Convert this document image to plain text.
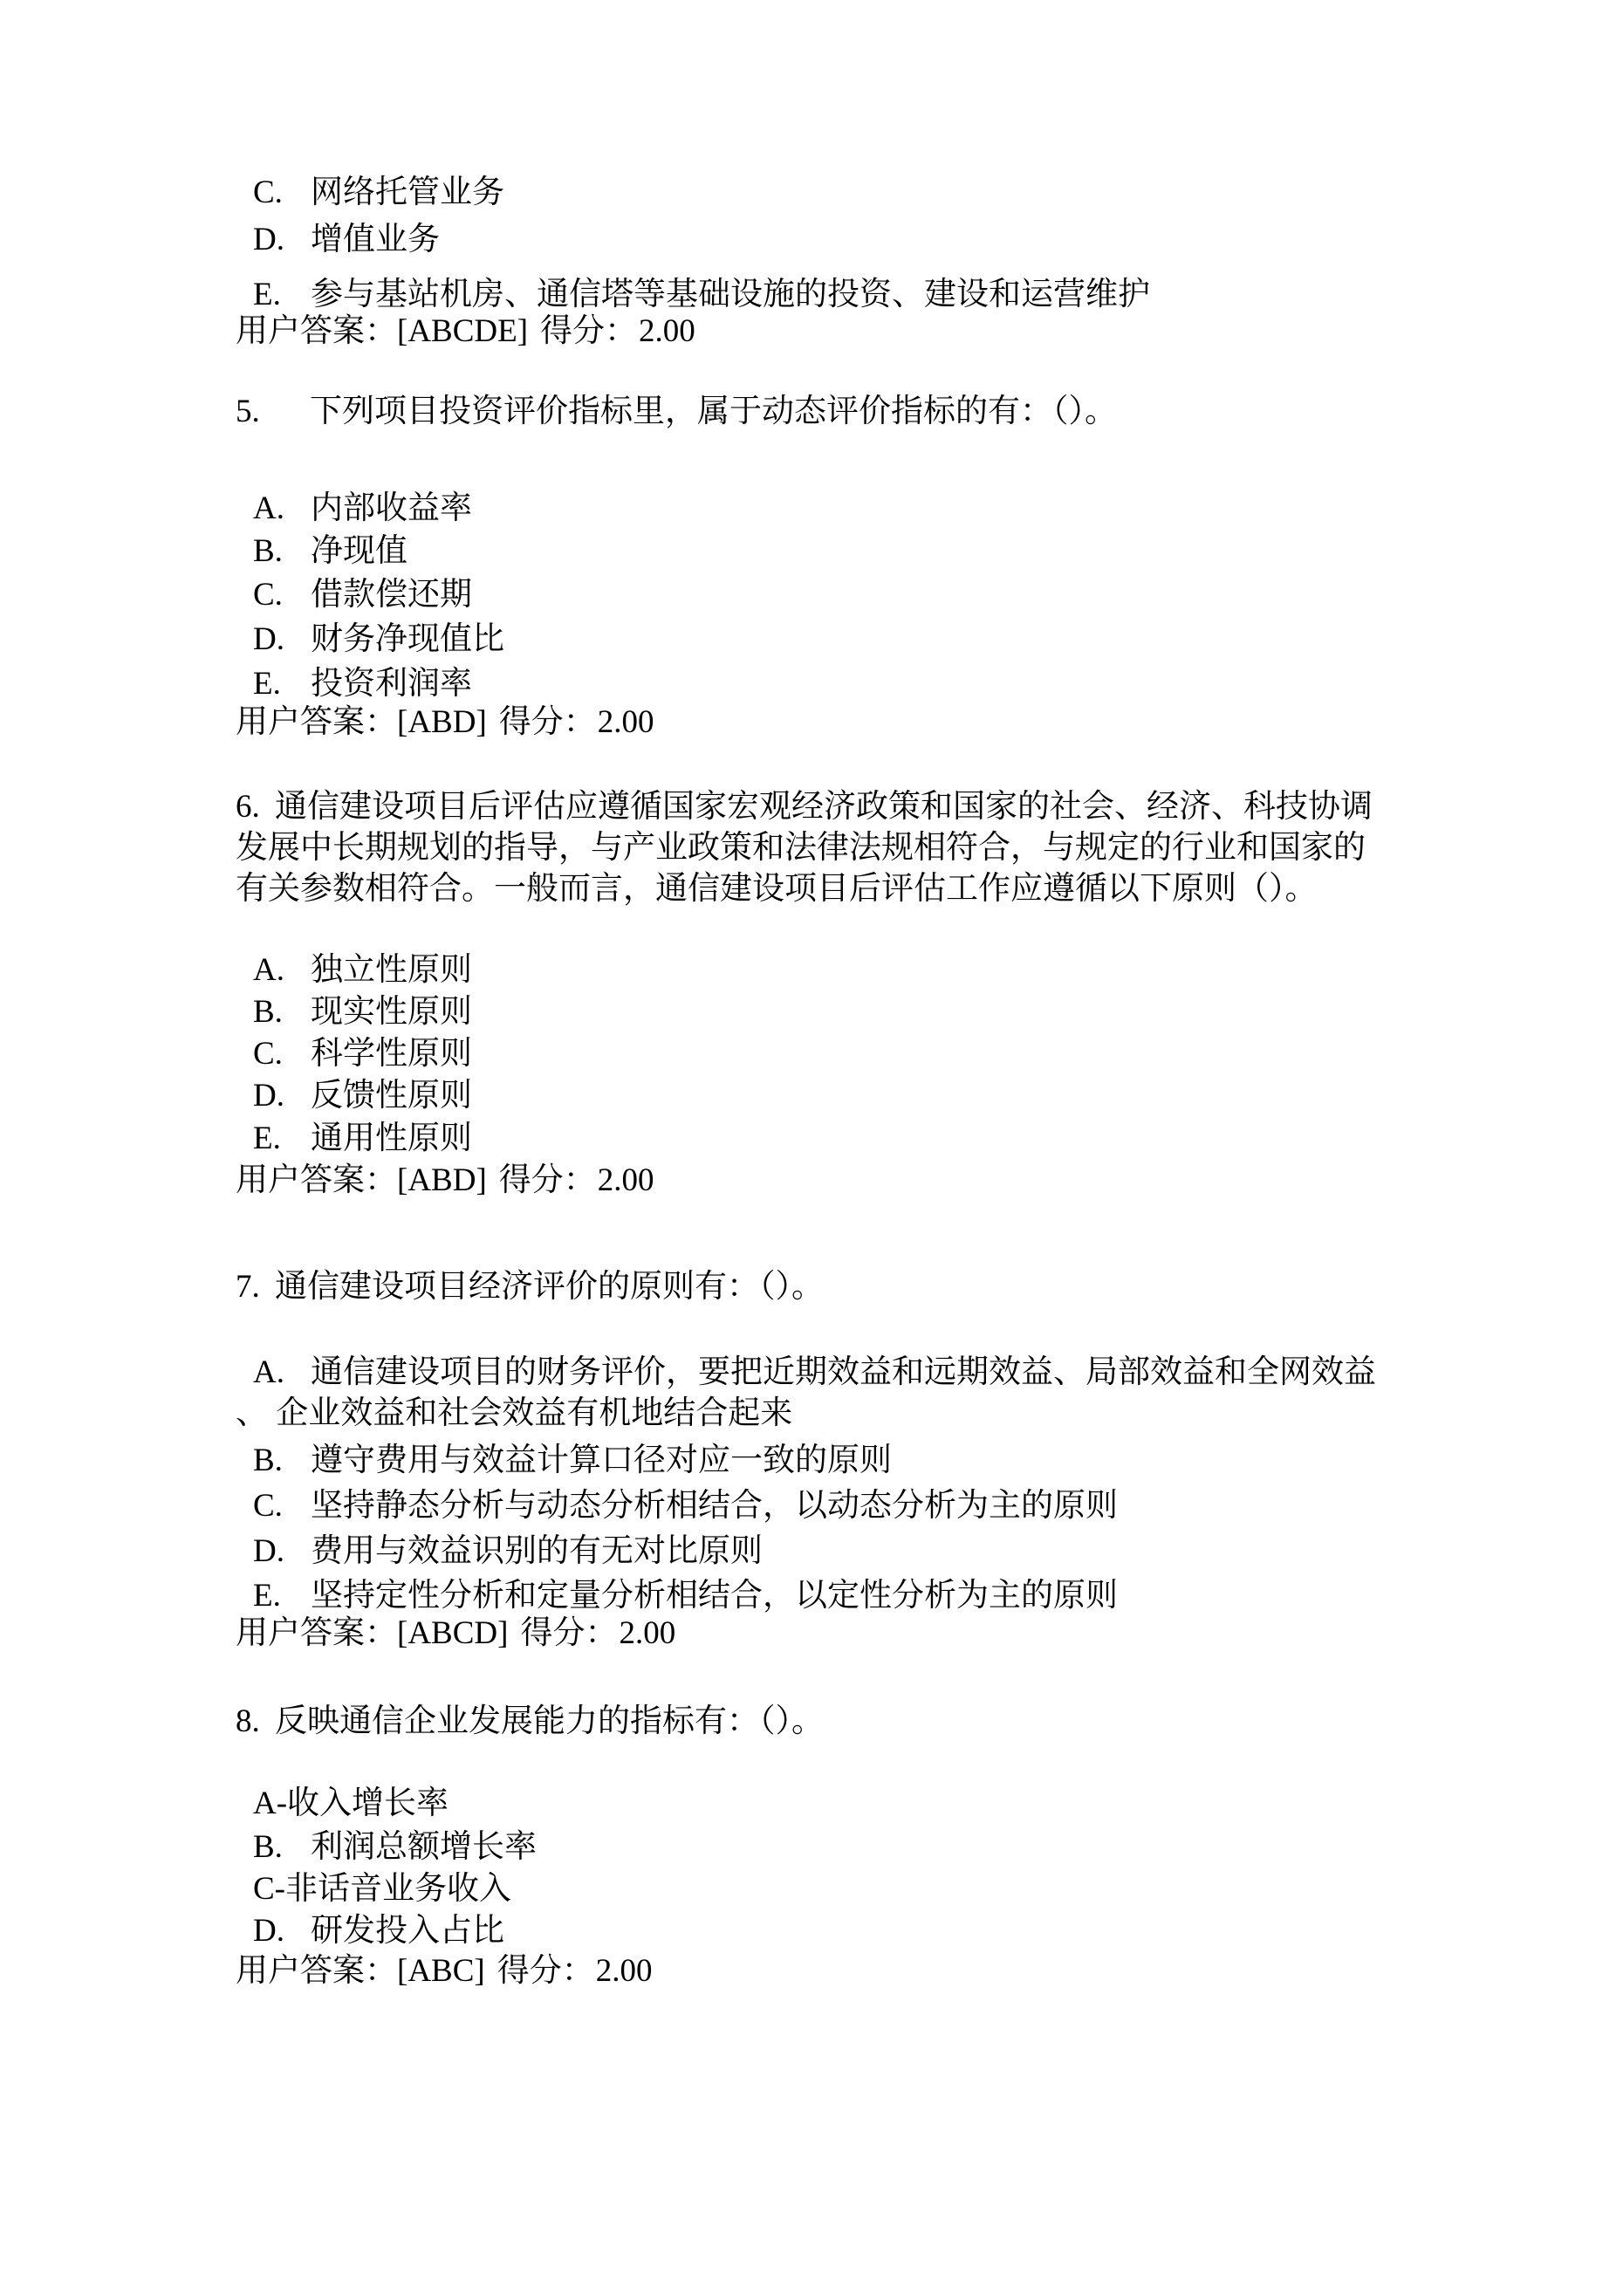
C. 网络托管业务
D. 增值业务
E. 参与基站机房、通信塔等基础设施的投资、建设和运营维护
用户答案：[ABCDE] 得分：2.00
5. 下列项目投资评价指标里，属于动态评价指标的有：（）。
A. 内部收益率
B. 净现值
C. 借款偿还期
D. 财务净现值比
E. 投资利润率
用户答案：[ABD] 得分：2.00
6. 通信建设项目后评估应遵循国家宏观经济政策和国家的社会、经济、科技协调
发展中长期规划的指导，与产业政策和法律法规相符合，与规定的行业和国家的
有关参数相符合。一般而言，通信建设项目后评估工作应遵循以下原则（）。
A. 独立性原则
B. 现实性原则
C. 科学性原则
D. 反馈性原则
E. 通用性原则
用户答案：[ABD] 得分：2.00
7. 通信建设项目经济评价的原则有：（）。
A. 通信建设项目的财务评价，要把近期效益和远期效益、局部效益和全网效益
、 企业效益和社会效益有机地结合起来
B. 遵守费用与效益计算口径对应一致的原则
C. 坚持静态分析与动态分析相结合，以动态分析为主的原则
D. 费用与效益识别的有无对比原则
E. 坚持定性分析和定量分析相结合，以定性分析为主的原则
用户答案：[ABCD] 得分：2.00
8. 反映通信企业发展能力的指标有：（）。
A-收入增长率
B. 利润总额增长率
C-非话音业务收入
D. 研发投入占比
用户答案：[ABC] 得分：2.00
